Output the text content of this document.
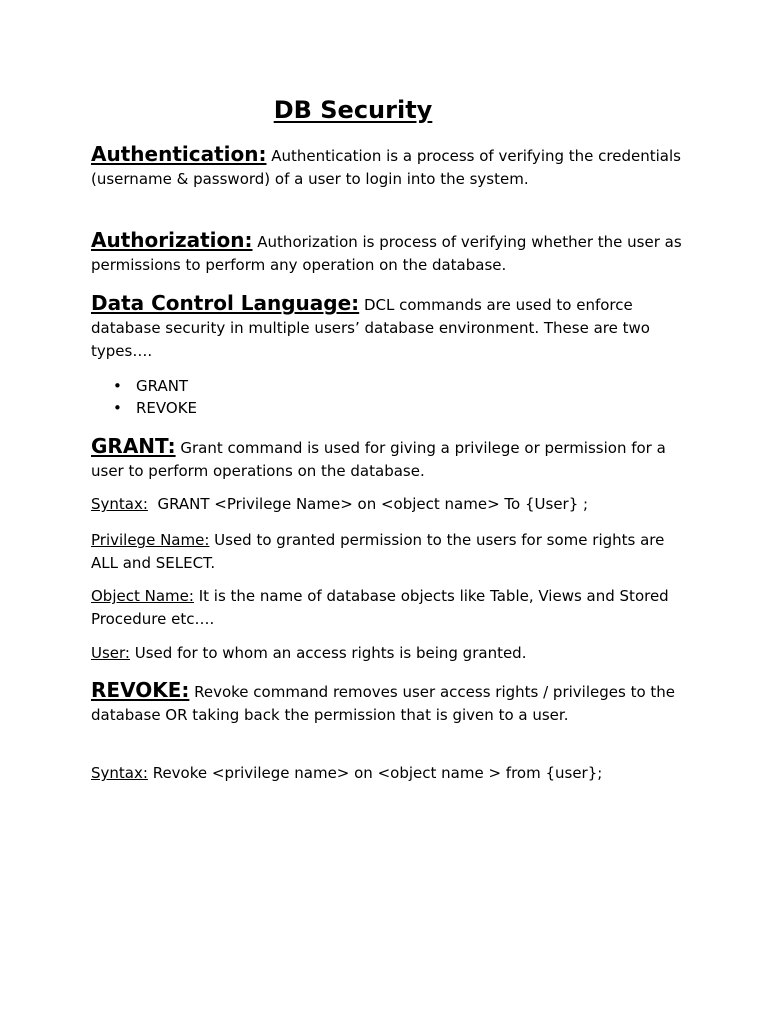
DB Security

Authentication: Authentication is a process of verifying the credentials (username & password) of a user to login into the system.

Authorization: Authorization is process of verifying whether the user as permissions to perform any operation on the database.

Data Control Language: DCL commands are used to enforce database security in multiple users’ database environment. These are two types….

• GRANT
• REVOKE

GRANT: Grant command is used for giving a privilege or permission for a user to perform operations on the database.

Syntax:  GRANT <Privilege Name> on <object name> To {User} ;

Privilege Name: Used to granted permission to the users for some rights are ALL and SELECT.

Object Name: It is the name of database objects like Table, Views and Stored Procedure etc….

User: Used for to whom an access rights is being granted.

REVOKE: Revoke command removes user access rights / privileges to the database OR taking back the permission that is given to a user.

Syntax: Revoke <privilege name> on <object name > from {user};
